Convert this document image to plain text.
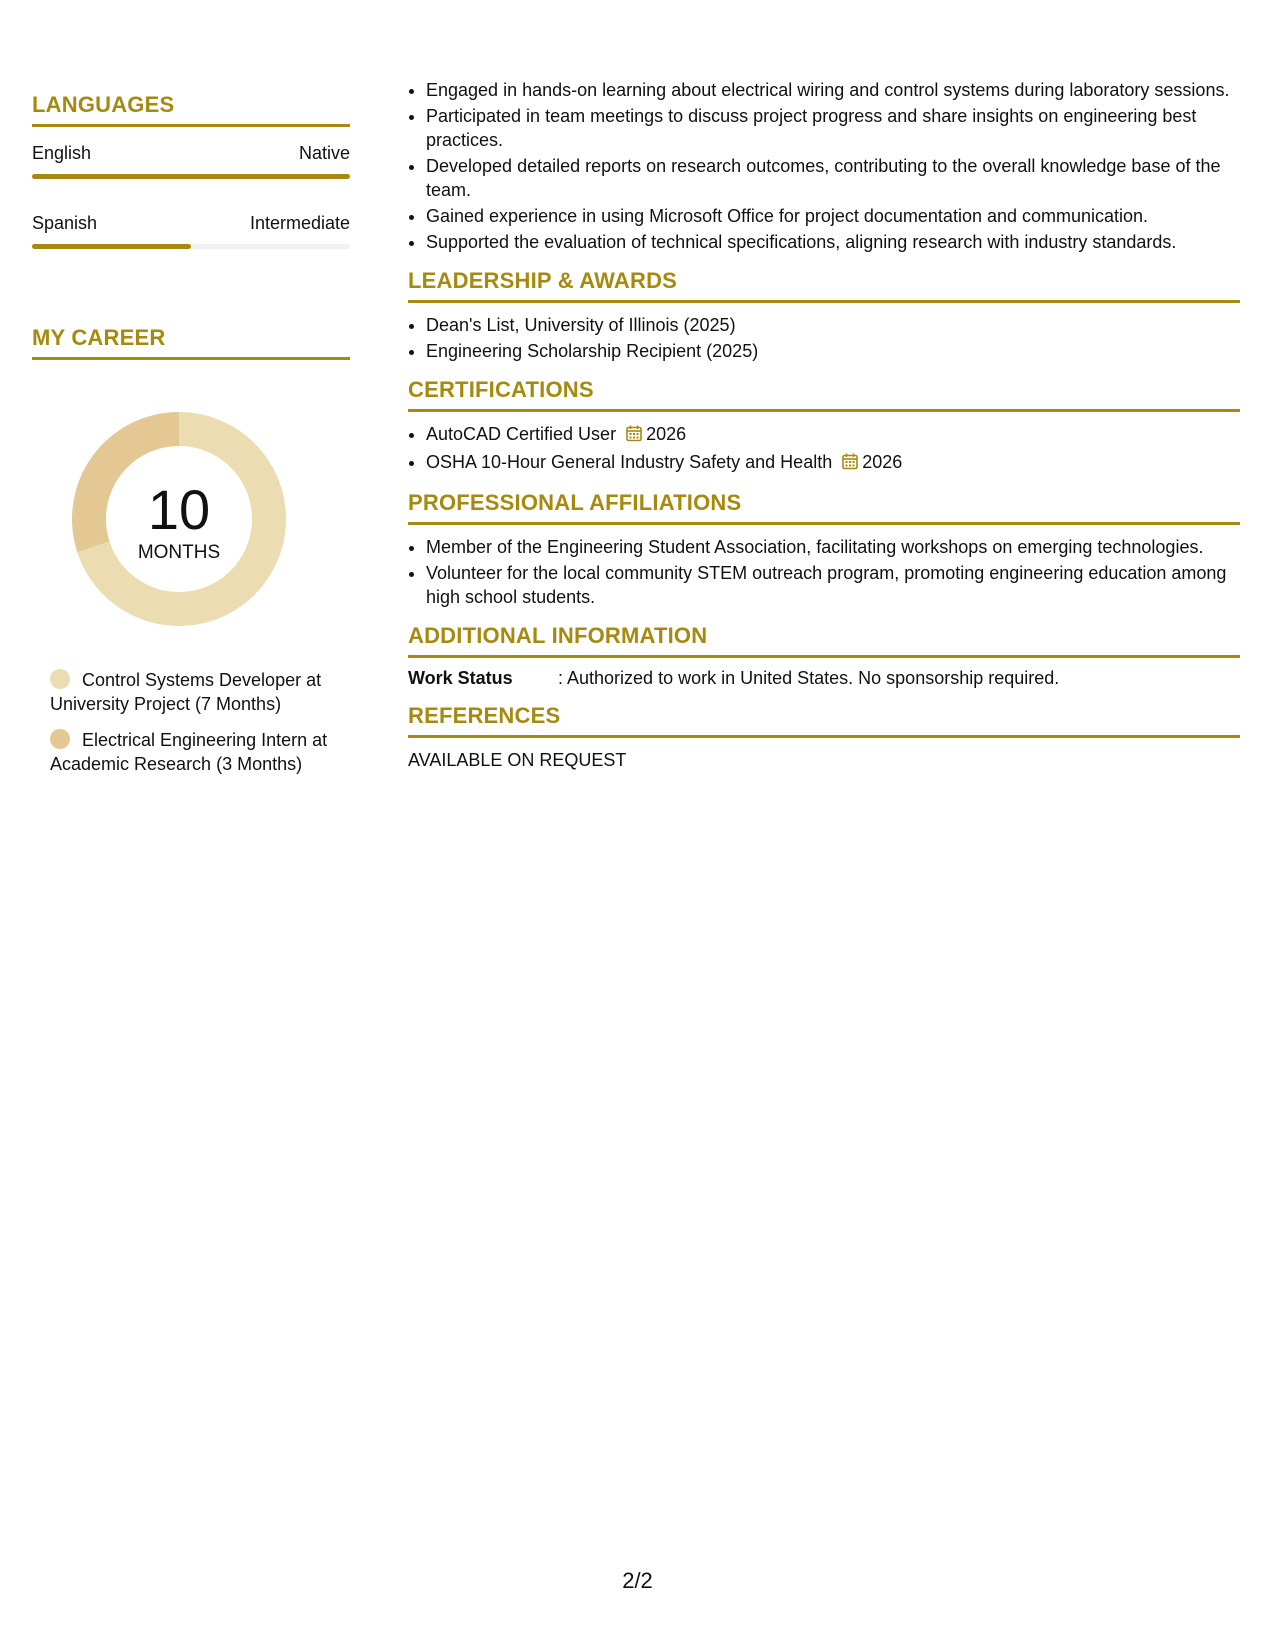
LANGUAGES
English	Native
Spanish	Intermediate
MY CAREER
10
MONTHS
Control Systems Developer at University Project (7 Months)
Electrical Engineering Intern at Academic Research (3 Months)
• Engaged in hands-on learning about electrical wiring and control systems during laboratory sessions.
• Participated in team meetings to discuss project progress and share insights on engineering best practices.
• Developed detailed reports on research outcomes, contributing to the overall knowledge base of the team.
• Gained experience in using Microsoft Office for project documentation and communication.
• Supported the evaluation of technical specifications, aligning research with industry standards.
LEADERSHIP & AWARDS
• Dean's List, University of Illinois (2025)
• Engineering Scholarship Recipient (2025)
CERTIFICATIONS
• AutoCAD Certified User 2026
• OSHA 10-Hour General Industry Safety and Health 2026
PROFESSIONAL AFFILIATIONS
• Member of the Engineering Student Association, facilitating workshops on emerging technologies.
• Volunteer for the local community STEM outreach program, promoting engineering education among high school students.
ADDITIONAL INFORMATION
Work Status	: Authorized to work in United States. No sponsorship required.
REFERENCES
AVAILABLE ON REQUEST
2/2
